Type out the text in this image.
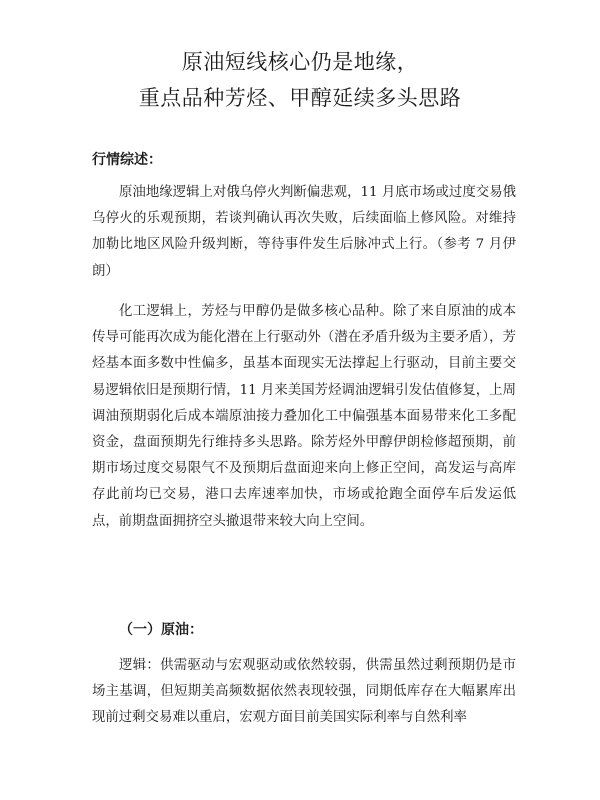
原油短线核心仍是地缘，
重点品种芳烃、甲醇延续多头思路
行情综述：

原油地缘逻辑上对俄乌停火判断偏悲观，11 月底市场或过度交易俄乌停火的乐观预期，若谈判确认再次失败，后续面临上修风险。对维持加勒比地区风险升级判断，等待事件发生后脉冲式上行。（参考 7 月伊朗）

化工逻辑上，芳烃与甲醇仍是做多核心品种。除了来自原油的成本传导可能再次成为能化潜在上行驱动外（潜在矛盾升级为主要矛盾），芳烃基本面多数中性偏多，虽基本面现实无法撑起上行驱动，目前主要交易逻辑依旧是预期行情，11 月来美国芳烃调油逻辑引发估值修复，上周调油预期弱化后成本端原油接力叠加化工中偏强基本面易带来化工多配资金，盘面预期先行维持多头思路。除芳烃外甲醇伊朗检修超预期，前期市场过度交易限气不及预期后盘面迎来向上修正空间，高发运与高库存此前均已交易，港口去库速率加快，市场或抢跑全面停车后发运低点，前期盘面拥挤空头撤退带来较大向上空间。

（一）原油：

逻辑：供需驱动与宏观驱动或依然较弱，供需虽然过剩预期仍是市场主基调，但短期美高频数据依然表现较强，同期低库存在大幅累库出现前过剩交易难以重启，宏观方面目前美国实际利率与自然利率
